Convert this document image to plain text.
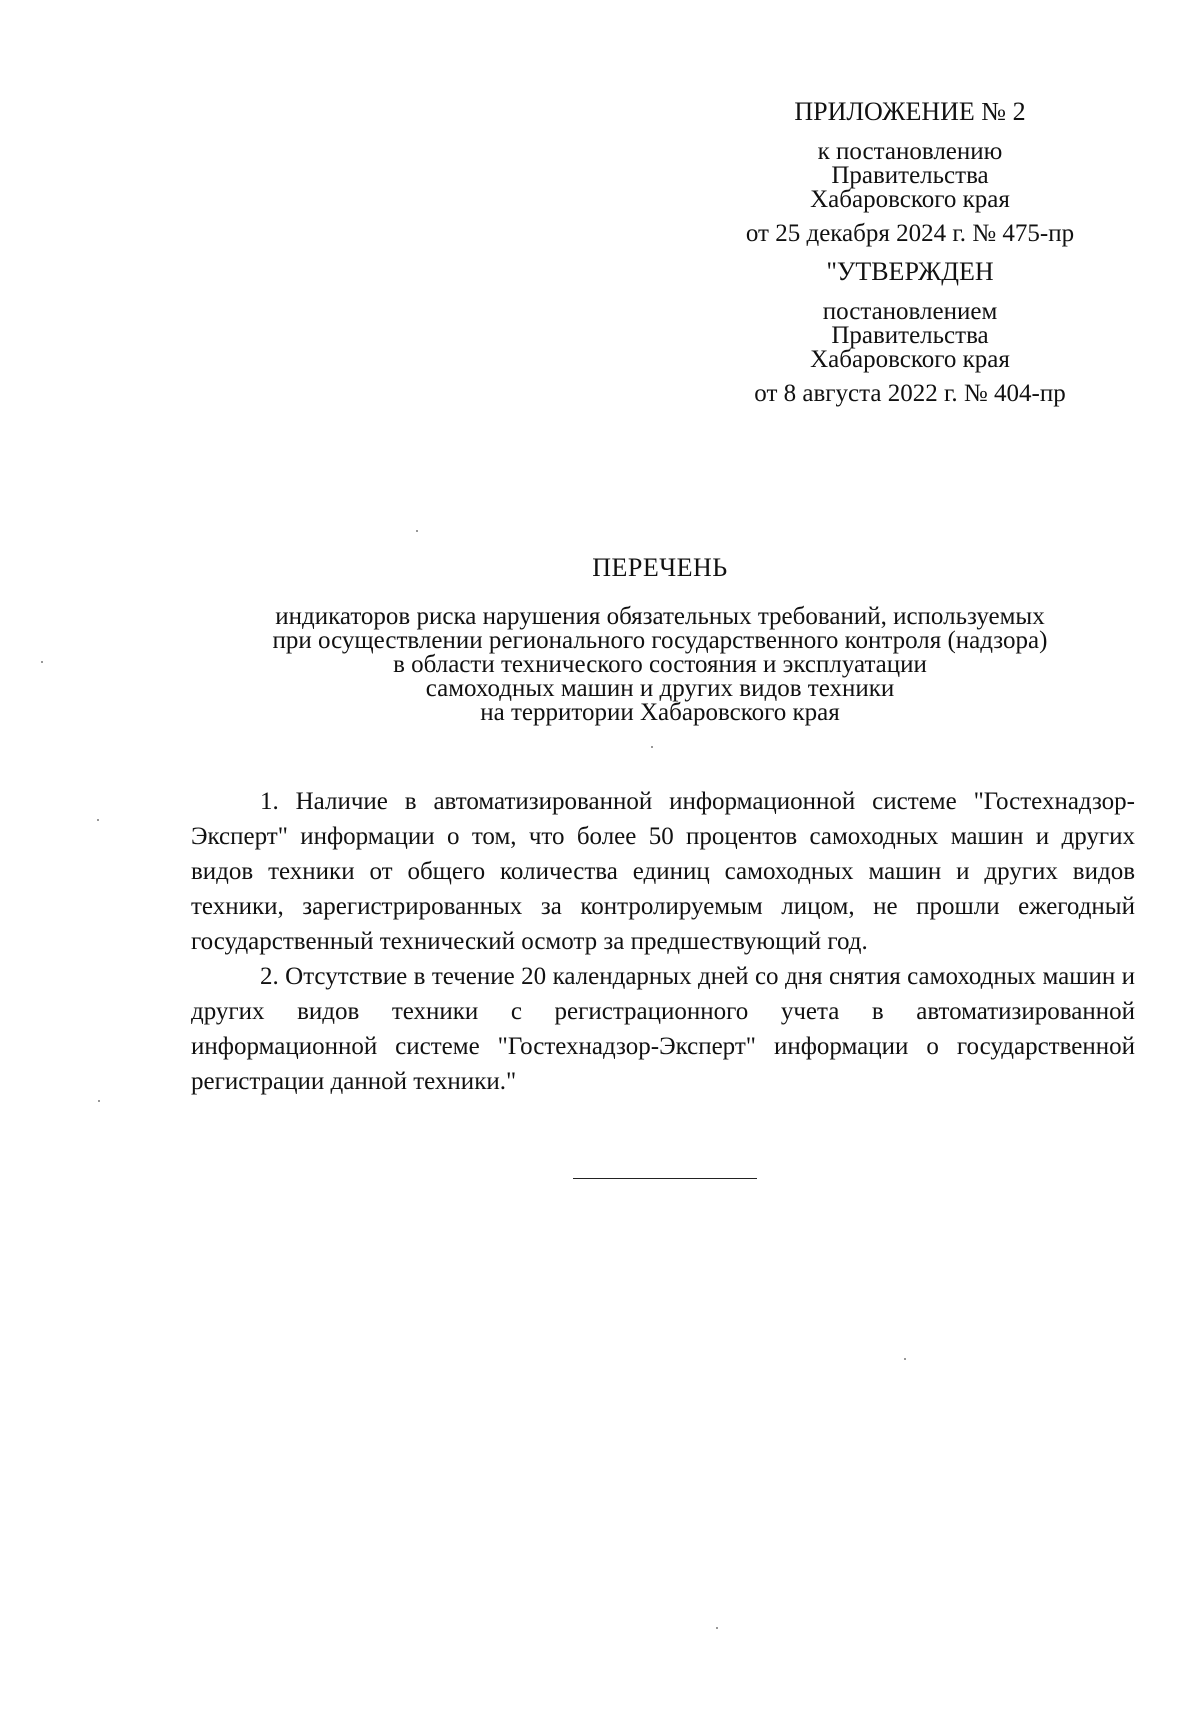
ПРИЛОЖЕНИЕ № 2
к постановлению
Правительства
Хабаровского края
от 25 декабря 2024 г. № 475-пр
"УТВЕРЖДЕН
постановлением
Правительства
Хабаровского края
от 8 августа 2022 г. № 404-пр
ПЕРЕЧЕНЬ
индикаторов риска нарушения обязательных требований, используемых
при осуществлении регионального государственного контроля (надзора)
в области технического состояния и эксплуатации
самоходных машин и других видов техники
на территории Хабаровского края

1. Наличие в автоматизированной информационной системе "Гостехнадзор-Эксперт" информации о том, что более 50 процентов самоходных машин и других видов техники от общего количества единиц самоходных машин и других видов техники, зарегистрированных за контролируемым лицом, не прошли ежегодный государственный технический осмотр за предшествующий год.

2. Отсутствие в течение 20 календарных дней со дня снятия самоходных машин и других видов техники с регистрационного учета в автоматизированной информационной системе "Гостехнадзор-Эксперт" информации о государственной регистрации данной техники."
